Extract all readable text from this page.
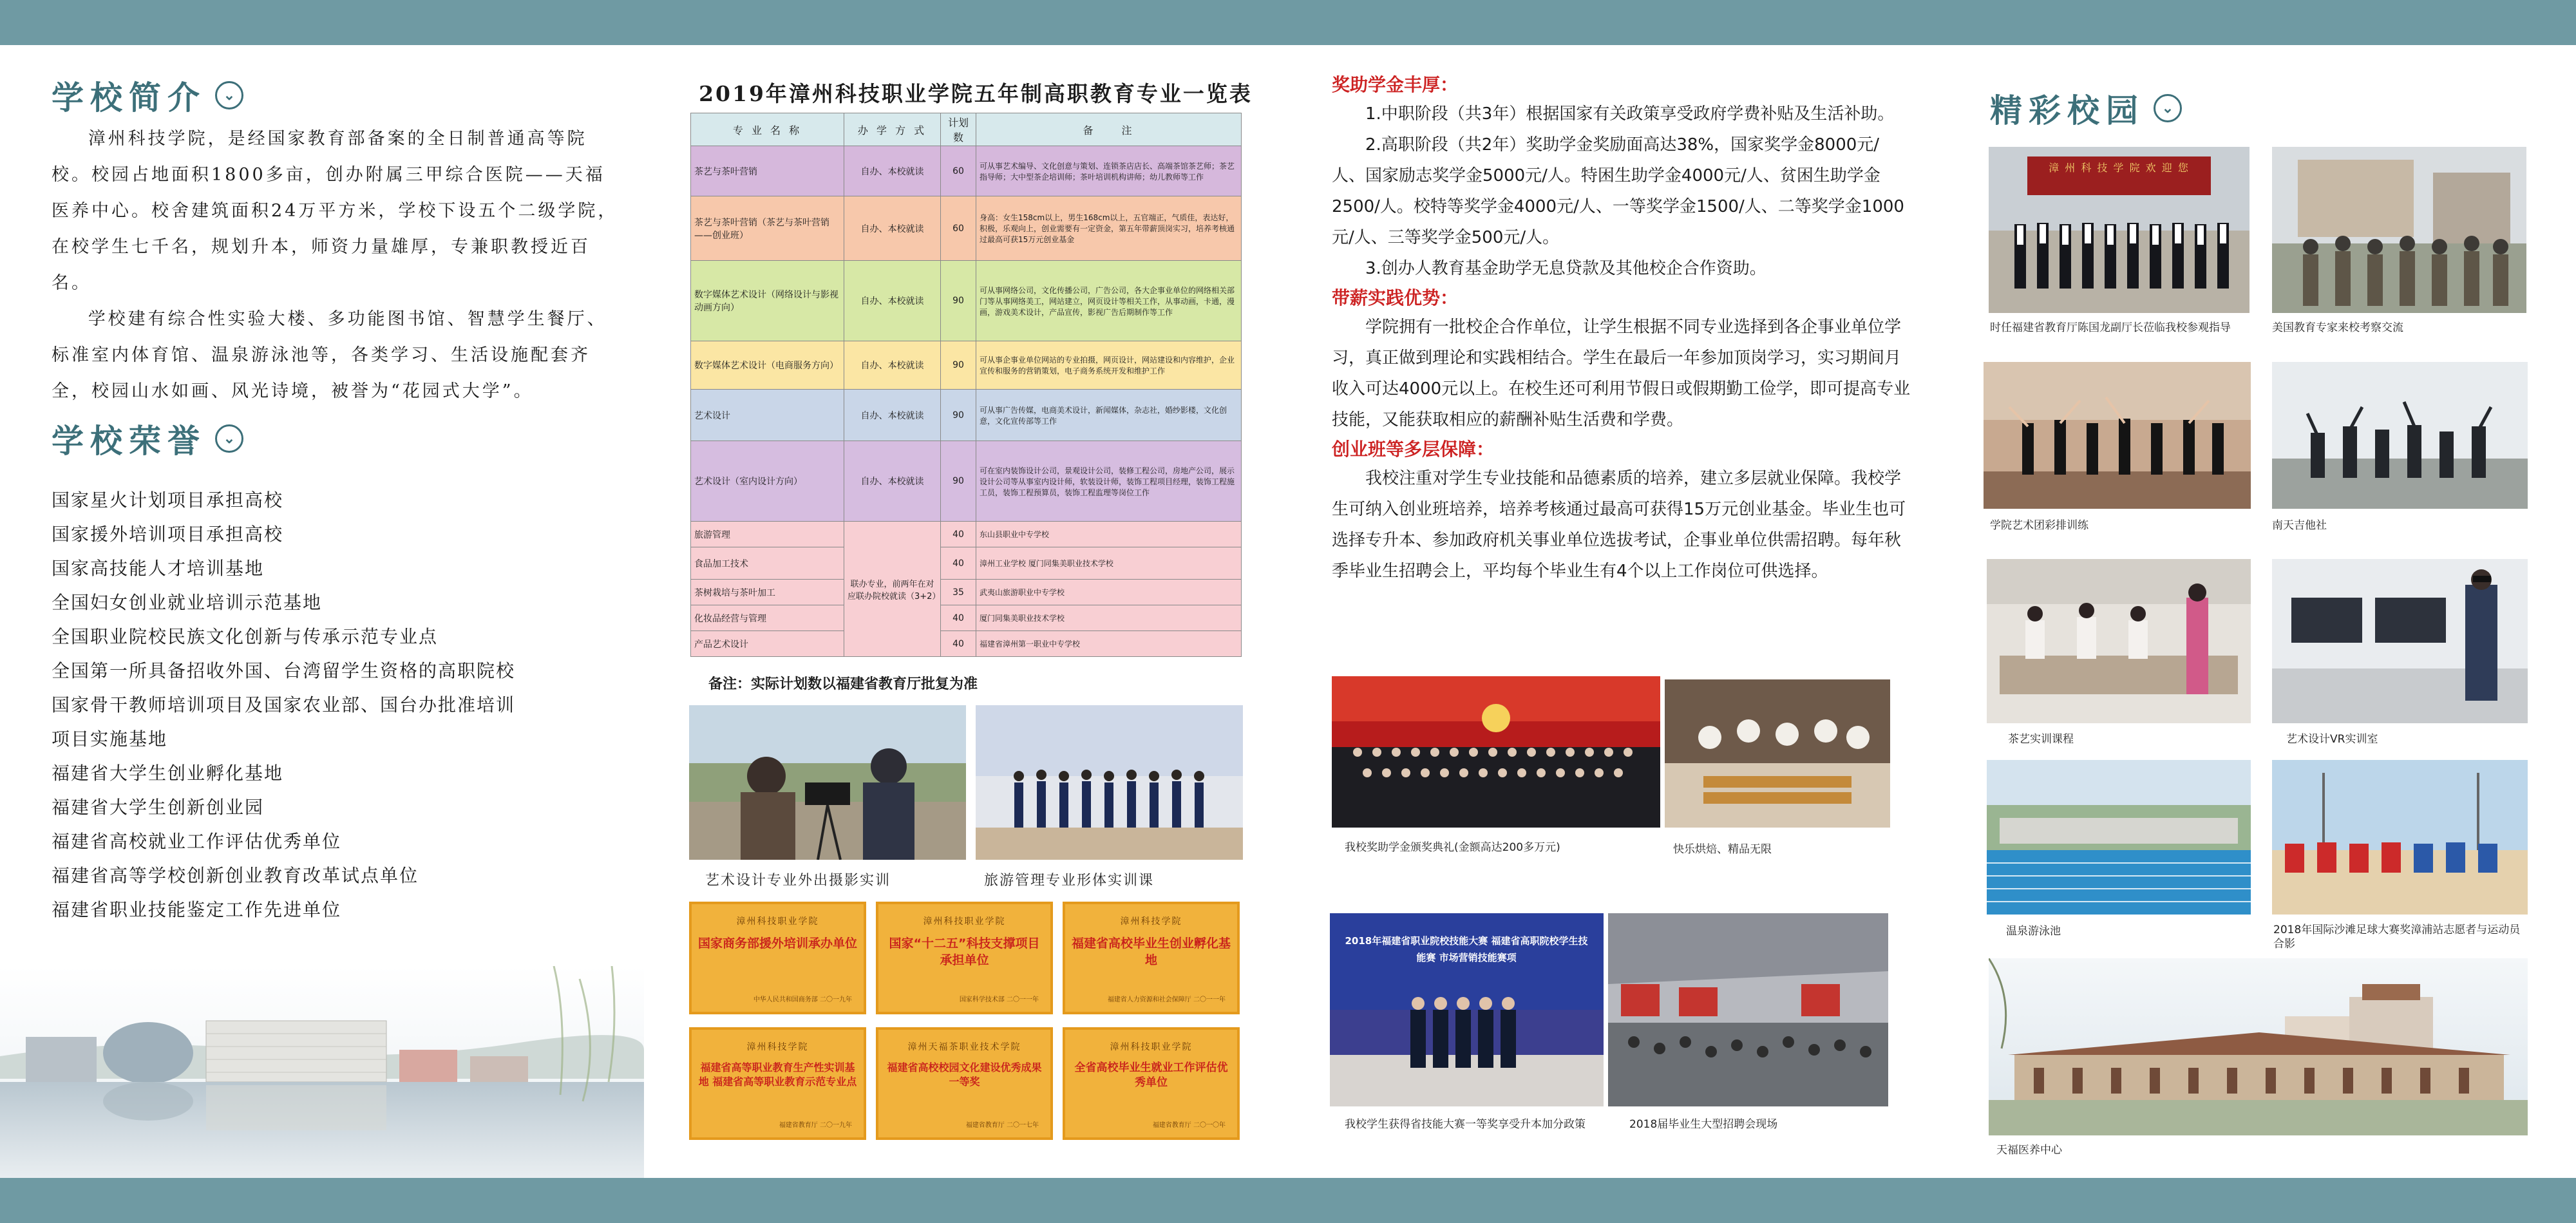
学校简介	⌄

漳州科技学院，是经国家教育部备案的全日制普通高等院校。校园占地面积1800多亩，创办附属三甲综合医院——天福医养中心。校舍建筑面积24万平方米，学校下设五个二级学院，在校学生七千名，规划升本，师资力量雄厚，专兼职教授近百名。

学校建有综合性实验大楼、多功能图书馆、智慧学生餐厅、标准室内体育馆、温泉游泳池等，各类学习、生活设施配套齐全，校园山水如画、风光诗境，被誉为“花园式大学”。

学校荣誉	⌄
国家星火计划项目承担高校
国家援外培训项目承担高校
国家高技能人才培训基地
全国妇女创业就业培训示范基地
全国职业院校民族文化创新与传承示范专业点
全国第一所具备招收外国、台湾留学生资格的高职院校
国家骨干教师培训项目及国家农业部、国台办批准培训
项目实施基地
福建省大学生创业孵化基地
福建省大学生创新创业园
福建省高校就业工作评估优秀单位
福建省高等学校创新创业教育改革试点单位
福建省职业技能鉴定工作先进单位
2019年漳州科技职业学院五年制高职教育专业一览表
专 业 名 称	办 学 方 式	计划数	备　　注
茶艺与茶叶营销	自办、本校就读	60	可从事艺术编导、文化创意与策划、连锁茶店店长、高端茶馆茶艺师；茶艺指导师；大中型茶企培训师；茶叶培训机构讲师；幼儿教师等工作
茶艺与茶叶营销（茶艺与茶叶营销——创业班）	自办、本校就读	60	身高：女生158cm以上，男生168cm以上，五官端正，气质佳，表达好，积极，乐观向上，创业需要有一定资金，第五年带薪顶岗实习，培养考核通过最高可获15万元创业基金
数字媒体艺术设计（网络设计与影视动画方向）	自办、本校就读	90	可从事网络公司，文化传播公司，广告公司，各大企事业单位的网络相关部门等从事网络美工，网站建立，网页设计等相关工作，从事动画，卡通，漫画，游戏美术设计，产品宣传，影视广告后期制作等工作
数字媒体艺术设计（电商服务方向）	自办、本校就读	90	可从事企事业单位网站的专业拍摄，网页设计，网站建设和内容维护，企业宣传和服务的营销策划，电子商务系统开发和维护工作
艺术设计	自办、本校就读	90	可从事广告传媒，电商美术设计，新闻媒体，杂志社，婚纱影楼，文化创意，文化宣传部等工作
艺术设计（室内设计方向）	自办、本校就读	90	可在室内装饰设计公司，景观设计公司，装修工程公司，房地产公司，展示设计公司等从事室内设计师，软装设计师，装饰工程项目经理，装饰工程施工员，装饰工程预算员，装饰工程监理等岗位工作
旅游管理	联办专业，前两年在对应联办院校就读（3+2）	40	东山县职业中专学校
食品加工技术		40	漳州工业学校 厦门同集美职业技术学校
茶树栽培与茶叶加工		35	武夷山旅游职业中专学校
化妆品经营与管理		40	厦门同集美职业技术学校
产品艺术设计		40	福建省漳州第一职业中专学校
备注：实际计划数以福建省教育厅批复为准
艺术设计专业外出摄影实训	旅游管理专业形体实训课
漳州科技职业学院
国家商务部援外培训承办单位
中华人民共和国商务部 二〇一九年
漳州科技职业学院
国家“十二五”科技支撑项目承担单位
国家科学技术部 二〇一一年
漳州科技学院
福建省高校毕业生创业孵化基地
福建省人力资源和社会保障厅 二〇一一年
漳州科技学院
福建省高等职业教育生产性实训基地 福建省高等职业教育示范专业点
福建省教育厅 二〇一九年
漳州天福茶职业技术学院
福建省高校校园文化建设优秀成果一等奖
福建省教育厅 二〇一七年
漳州科技职业学院
全省高校毕业生就业工作评估优秀单位
福建省教育厅 二〇一〇年
奖助学金丰厚：
1.中职阶段（共3年）根据国家有关政策享受政府学费补贴及生活补助。
2.高职阶段（共2年）奖助学金奖励面高达38%，国家奖学金8000元/人、国家励志奖学金5000元/人。特困生助学金4000元/人、贫困生助学金2500/人。校特等奖学金4000元/人、一等奖学金1500/人、二等奖学金1000元/人、三等奖学金500元/人。
3.创办人教育基金助学无息贷款及其他校企合作资助。
带薪实践优势：
学院拥有一批校企合作单位，让学生根据不同专业选择到各企事业单位学习，真正做到理论和实践相结合。学生在最后一年参加顶岗学习，实习期间月收入可达4000元以上。在校生还可利用节假日或假期勤工俭学，即可提高专业技能，又能获取相应的薪酬补贴生活费和学费。
创业班等多层保障：
我校注重对学生专业技能和品德素质的培养，建立多层就业保障。我校学生可纳入创业班培养，培养考核通过最高可获得15万元创业基金。毕业生也可选择专升本、参加政府机关事业单位选拔考试，企事业单位供需招聘。每年秋季毕业生招聘会上，平均每个毕业生有4个以上工作岗位可供选择。
我校奖助学金颁奖典礼(金额高达200多万元)	快乐烘焙、精品无限
2018年福建省职业院校技能大赛 福建省高职院校学生技能赛 市场营销技能赛项
我校学生获得省技能大赛一等奖享受升本加分政策	2018届毕业生大型招聘会现场
精彩校园	⌄
漳 州 科 技 学 院 欢 迎 您
时任福建省教育厅陈国龙副厅长莅临我校参观指导	美国教育专家来校考察交流
学院艺术团彩排训练	南天吉他社
茶艺实训课程	艺术设计VR实训室
温泉游泳池	2018年国际沙滩足球大赛奖漳浦站志愿者与运动员合影
天福医养中心
